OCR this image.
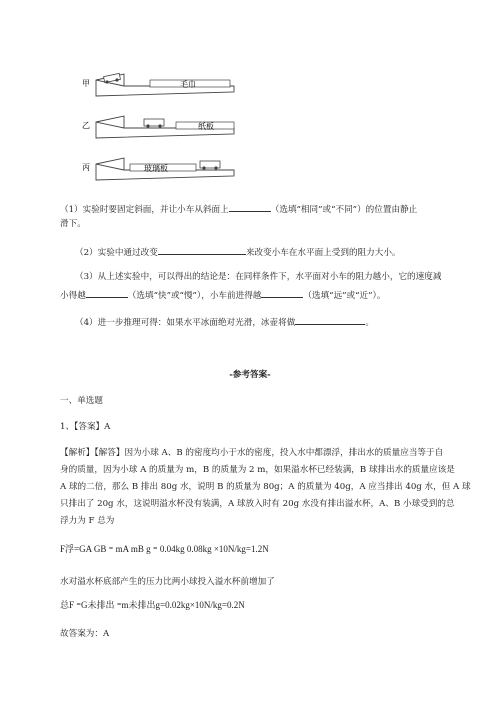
甲	毛巾
乙	纸板
丙	玻璃板
（1）实验时要固定斜面，并让小车从斜面上	（选填“相同”或“不同”）的位置由静止
滑下。
（2）实验中通过改变	来改变小车在水平面上受到的阻力大小。
（3）从上述实验中，可以得出的结论是：在同样条件下，水平面对小车的阻力越小，它的速度减
小得越	（选填“快”或“慢”），小车前进得越	（选填“远”或“近”）。
（4）进一步推理可得：如果水平冰面绝对光滑，冰壶将做	。
-参考答案-
一、单选题
1、【答案】A
【解析】【解答】因为小球 A、B 的密度均小于水的密度，投入水中都漂浮，排出水的质量应当等于自
身的质量，因为小球 A 的质量为 m，B 的质量为 2 m，如果溢水杯已经装满，B 球排出水的质量应该是
A 球的二倍，那么 B 排出 80g 水，说明 B 的质量为 80g；A 的质量为 40g，A 应当排出 40g 水，但 A 球
只排出了 20g 水，这说明溢水杯没有装满，A 球放入时有 20g 水没有排出溢水杯，A、B 小球受到的总
浮力为 F 总为
F浮=GA GB ⁼ mA mB g ⁼ 0.04kg 0.08kg ×10N/kg=1.2N
水对溢水杯底部产生的压力比两小球投入溢水杯前增加了
总F ⁼G未排出 ⁼m未排出g=0.02kg×10N/kg=0.2N
故答案为：A
